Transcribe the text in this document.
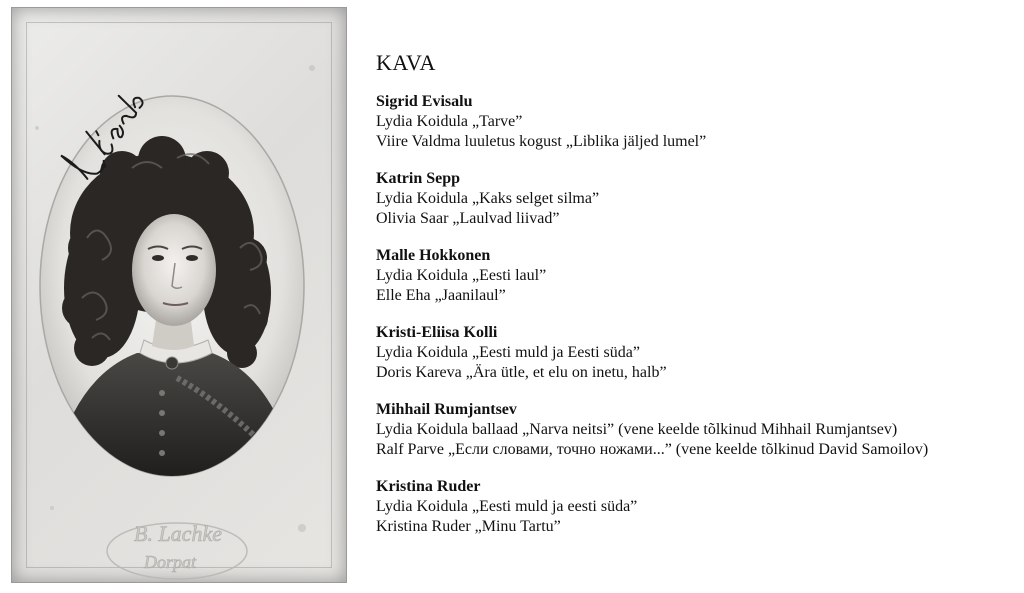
B. Lachke
Dorpat
KAVA

Sigrid Evisalu

Lydia Koidula „Tarve”

Viire Valdma luuletus kogust „Liblika jäljed lumel”

Katrin Sepp

Lydia Koidula „Kaks selget silma”

Olivia Saar „Laulvad liivad”

Malle Hokkonen

Lydia Koidula „Eesti laul”

Elle Eha „Jaanilaul”

Kristi-Eliisa Kolli

Lydia Koidula „Eesti muld ja Eesti süda”

Doris Kareva „Ära ütle, et elu on inetu, halb”

Mihhail Rumjantsev

Lydia Koidula ballaad „Narva neitsi” (vene keelde tõlkinud Mihhail Rumjantsev)

Ralf Parve „Если словами, точно ножами...” (vene keelde tõlkinud David Samoilov)

Kristina Ruder

Lydia Koidula „Eesti muld ja eesti süda”

Kristina Ruder „Minu Tartu”
